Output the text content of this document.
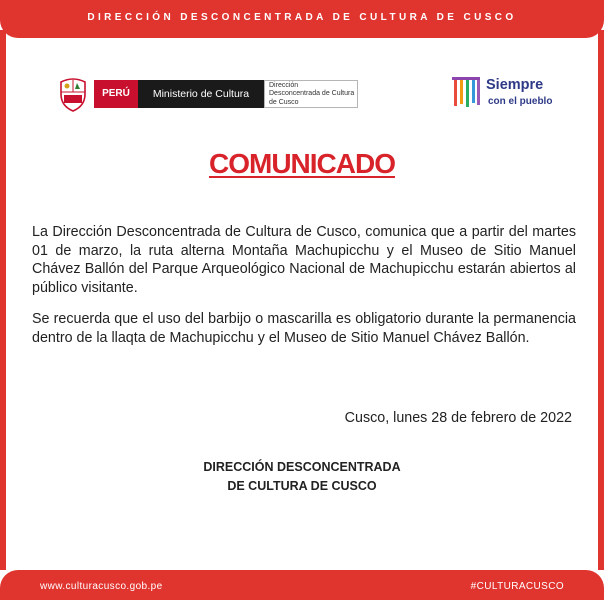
DIRECCIÓN DESCONCENTRADA DE CULTURA DE CUSCO
PERÚ	Ministerio de Cultura
Dirección
Desconcentrada de Cultura
de Cusco
Siempre
con el pueblo
COMUNICADO

La Dirección Desconcentrada de Cultura de Cusco, comunica que a partir del martes 01 de marzo, la ruta alterna Montaña Machupicchu y el Museo de Sitio Manuel Chávez Ballón del Parque Arqueológico Nacional de Machupicchu estarán abiertos al público visitante.

Se recuerda que el uso del barbijo o mascarilla es obligatorio durante la permanencia dentro de la llaqta de Machupicchu y el Museo de Sitio Manuel Chávez Ballón.

Cusco, lunes 28 de febrero de 2022
DIRECCIÓN DESCONCENTRADA
DE CULTURA DE CUSCO
www.culturacusco.gob.pe	#CULTURACUSCO
